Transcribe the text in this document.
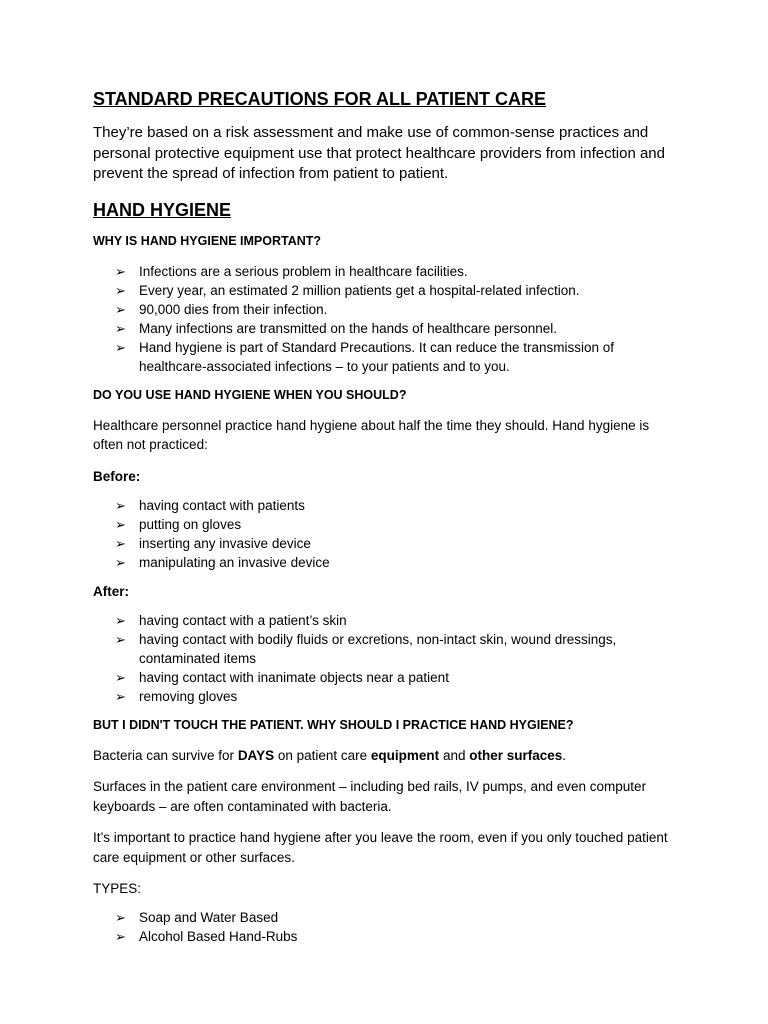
STANDARD PRECAUTIONS FOR ALL PATIENT CARE
They’re based on a risk assessment and make use of common-sense practices and personal protective equipment use that protect healthcare providers from infection and prevent the spread of infection from patient to patient.
HAND HYGIENE
WHY IS HAND HYGIENE IMPORTANT?
➢ Infections are a serious problem in healthcare facilities.
➢ Every year, an estimated 2 million patients get a hospital-related infection.
➢ 90,000 dies from their infection.
➢ Many infections are transmitted on the hands of healthcare personnel.
➢ Hand hygiene is part of Standard Precautions. It can reduce the transmission of healthcare-associated infections – to your patients and to you.
DO YOU USE HAND HYGIENE WHEN YOU SHOULD?
Healthcare personnel practice hand hygiene about half the time they should. Hand hygiene is often not practiced:
Before:
➢ having contact with patients
➢ putting on gloves
➢ inserting any invasive device
➢ manipulating an invasive device
After:
➢ having contact with a patient’s skin
➢ having contact with bodily fluids or excretions, non-intact skin, wound dressings, contaminated items
➢ having contact with inanimate objects near a patient
➢ removing gloves
BUT I DIDN'T TOUCH THE PATIENT. WHY SHOULD I PRACTICE HAND HYGIENE?
Bacteria can survive for DAYS on patient care equipment and other surfaces.
Surfaces in the patient care environment – including bed rails, IV pumps, and even computer keyboards – are often contaminated with bacteria.
It’s important to practice hand hygiene after you leave the room, even if you only touched patient care equipment or other surfaces.
TYPES:
➢ Soap and Water Based
➢ Alcohol Based Hand-Rubs
